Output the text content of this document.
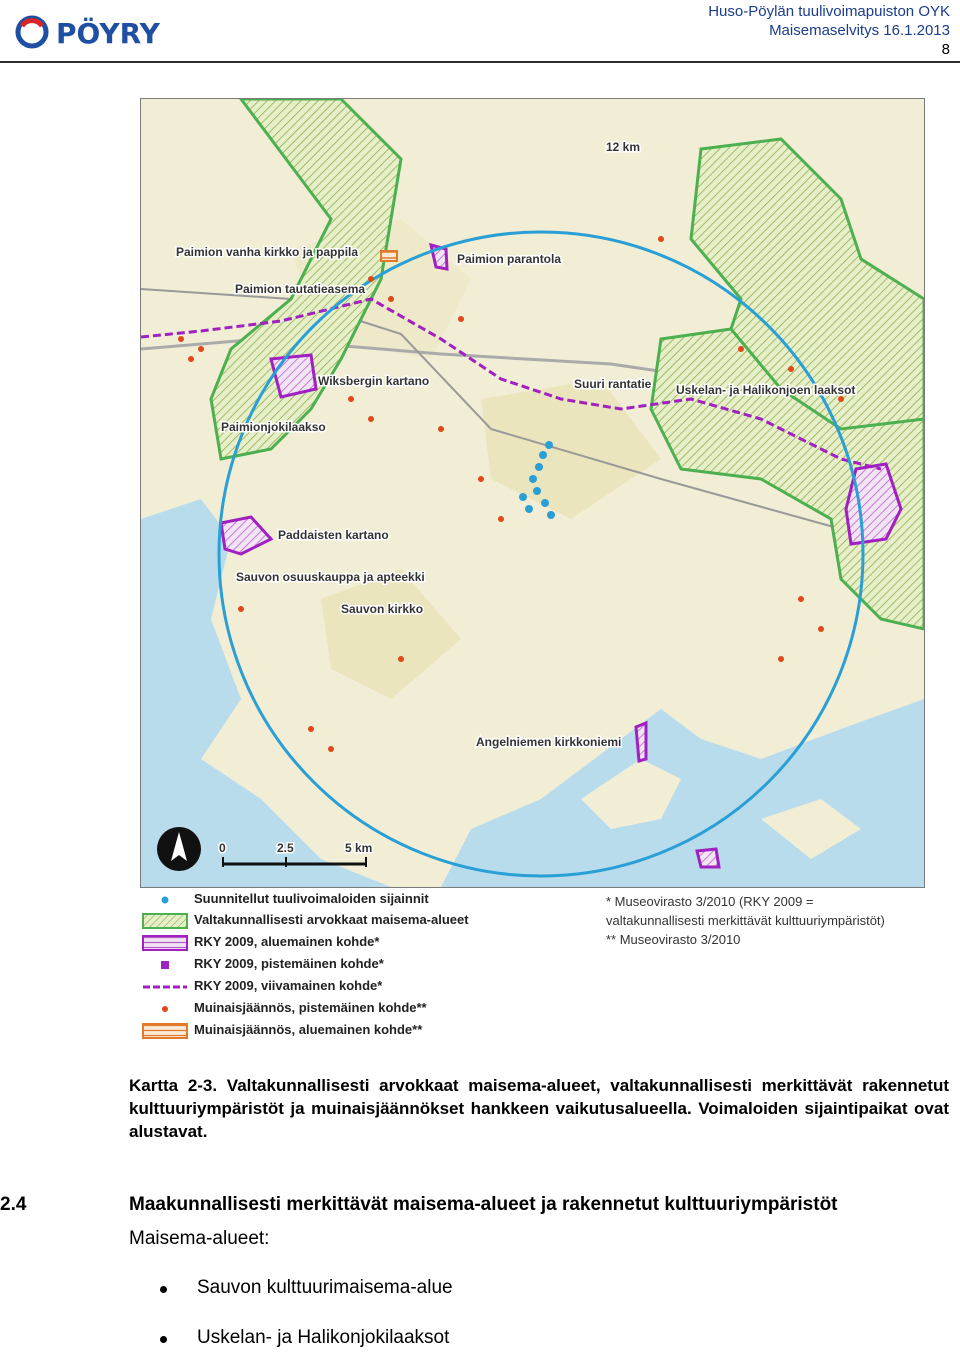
PÖYRY
Huso-Pöylän tuulivoimapuiston OYK
Maisemaselvitys 16.1.2013
8
Paimion vanha kirkko ja pappila	Paimion parantola
Paimion tautatieasema
Wiksbergin kartano	Suuri rantatie Uskelan- ja Halikonjoen laaksot
Paimionjokilaakso
Paddaisten kartano
Sauvon osuuskauppa ja apteekki
Sauvon kirkko
Angelniemen kirkkoniemi
12 km
0	2.5	5 km
Suunnitellut tuulivoimaloiden sijainnit
Valtakunnallisesti arvokkaat maisema-alueet
RKY 2009, aluemainen kohde*
RKY 2009, pistemäinen kohde*
RKY 2009, viivamainen kohde*
Muinaisjäännös, pistemäinen kohde**
Muinaisjäännös, aluemainen kohde**
* Museovirasto 3/2010 (RKY 2009 =
valtakunnallisesti merkittävät kulttuuriympäristöt)
** Museovirasto 3/2010
Kartta 2-3. Valtakunnallisesti arvokkaat maisema-alueet, valtakunnallisesti merkittävät rakennetut kulttuuriympäristöt ja muinaisjäännökset hankkeen vaikutusalueella. Voimaloiden sijaintipaikat ovat alustavat.
2.4	Maakunnallisesti merkittävät maisema-alueet ja rakennetut kulttuuriympäristöt
Maisema-alueet:
Sauvon kulttuurimaisema-alue
Uskelan- ja Halikonjokilaaksot
